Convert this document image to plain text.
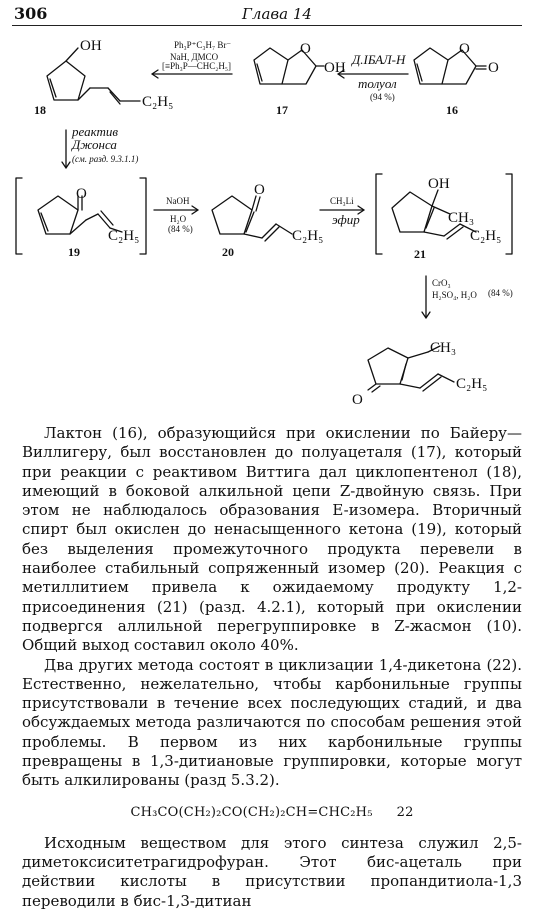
306	Глава 14
OH
C₂H₅
18
Ph₃P⁺C₃H₇ Br⁻
NaH, ДМСО
[≡Ph₃P—CHC₂H₅]
O
OH
17
Д.ІБАЛ-Н
толуол
(94 %)
O
O
16
реактив
Джонса
(см. разд. 9.3.1.1)
O
C₂H₅
19
NaOH
H₂O
(84 %)
O
C₂H₅
20
CH₃Li
эфир
OH
CH₃
C₂H₅
21
CrO₃
H₂SO₄, H₂O (84 %)
CH₃
O
C₂H₅

Лактон (16), образующийся при окислении по Байеру—Виллигеру, был восстановлен до полуацеталя (17), который при реакции с реактивом Виттига дал циклопентенол (18), имеющий в боковой алкильной цепи Z-двойную связь. При этом не наблюдалось образования E-изомера. Вторичный спирт был окислен до ненасыщенного кетона (19), который без выделения промежуточного продукта перевели в наиболее стабильный сопряженный изомер (20). Реакция с метиллитием привела к ожидаемому продукту 1,2-присоединения (21) (разд. 4.2.1), который при окислении подвергся аллильной перегруппировке в Z-жасмон (10). Общий выход составил около 40%.

Два других метода состоят в циклизации 1,4-дикетона (22). Естественно, нежелательно, чтобы карбонильные группы присутствовали в течение всех последующих стадий, и два обсуждаемых метода различаются по способам решения этой проблемы. В первом из них карбонильные группы превращены в 1,3-дитиановые группировки, которые могут быть алкилированы (разд 5.3.2).

CH₃CO(CH₂)₂CO(CH₂)₂CH=CHC₂H₅ 22

Исходным веществом для этого синтеза служил 2,5-диметоксиситетрагидрофуран. Этот бис-ацеталь при действии кислоты в присутствии пропандитиола-1,3 переводили в бис-1,3-дитиан
